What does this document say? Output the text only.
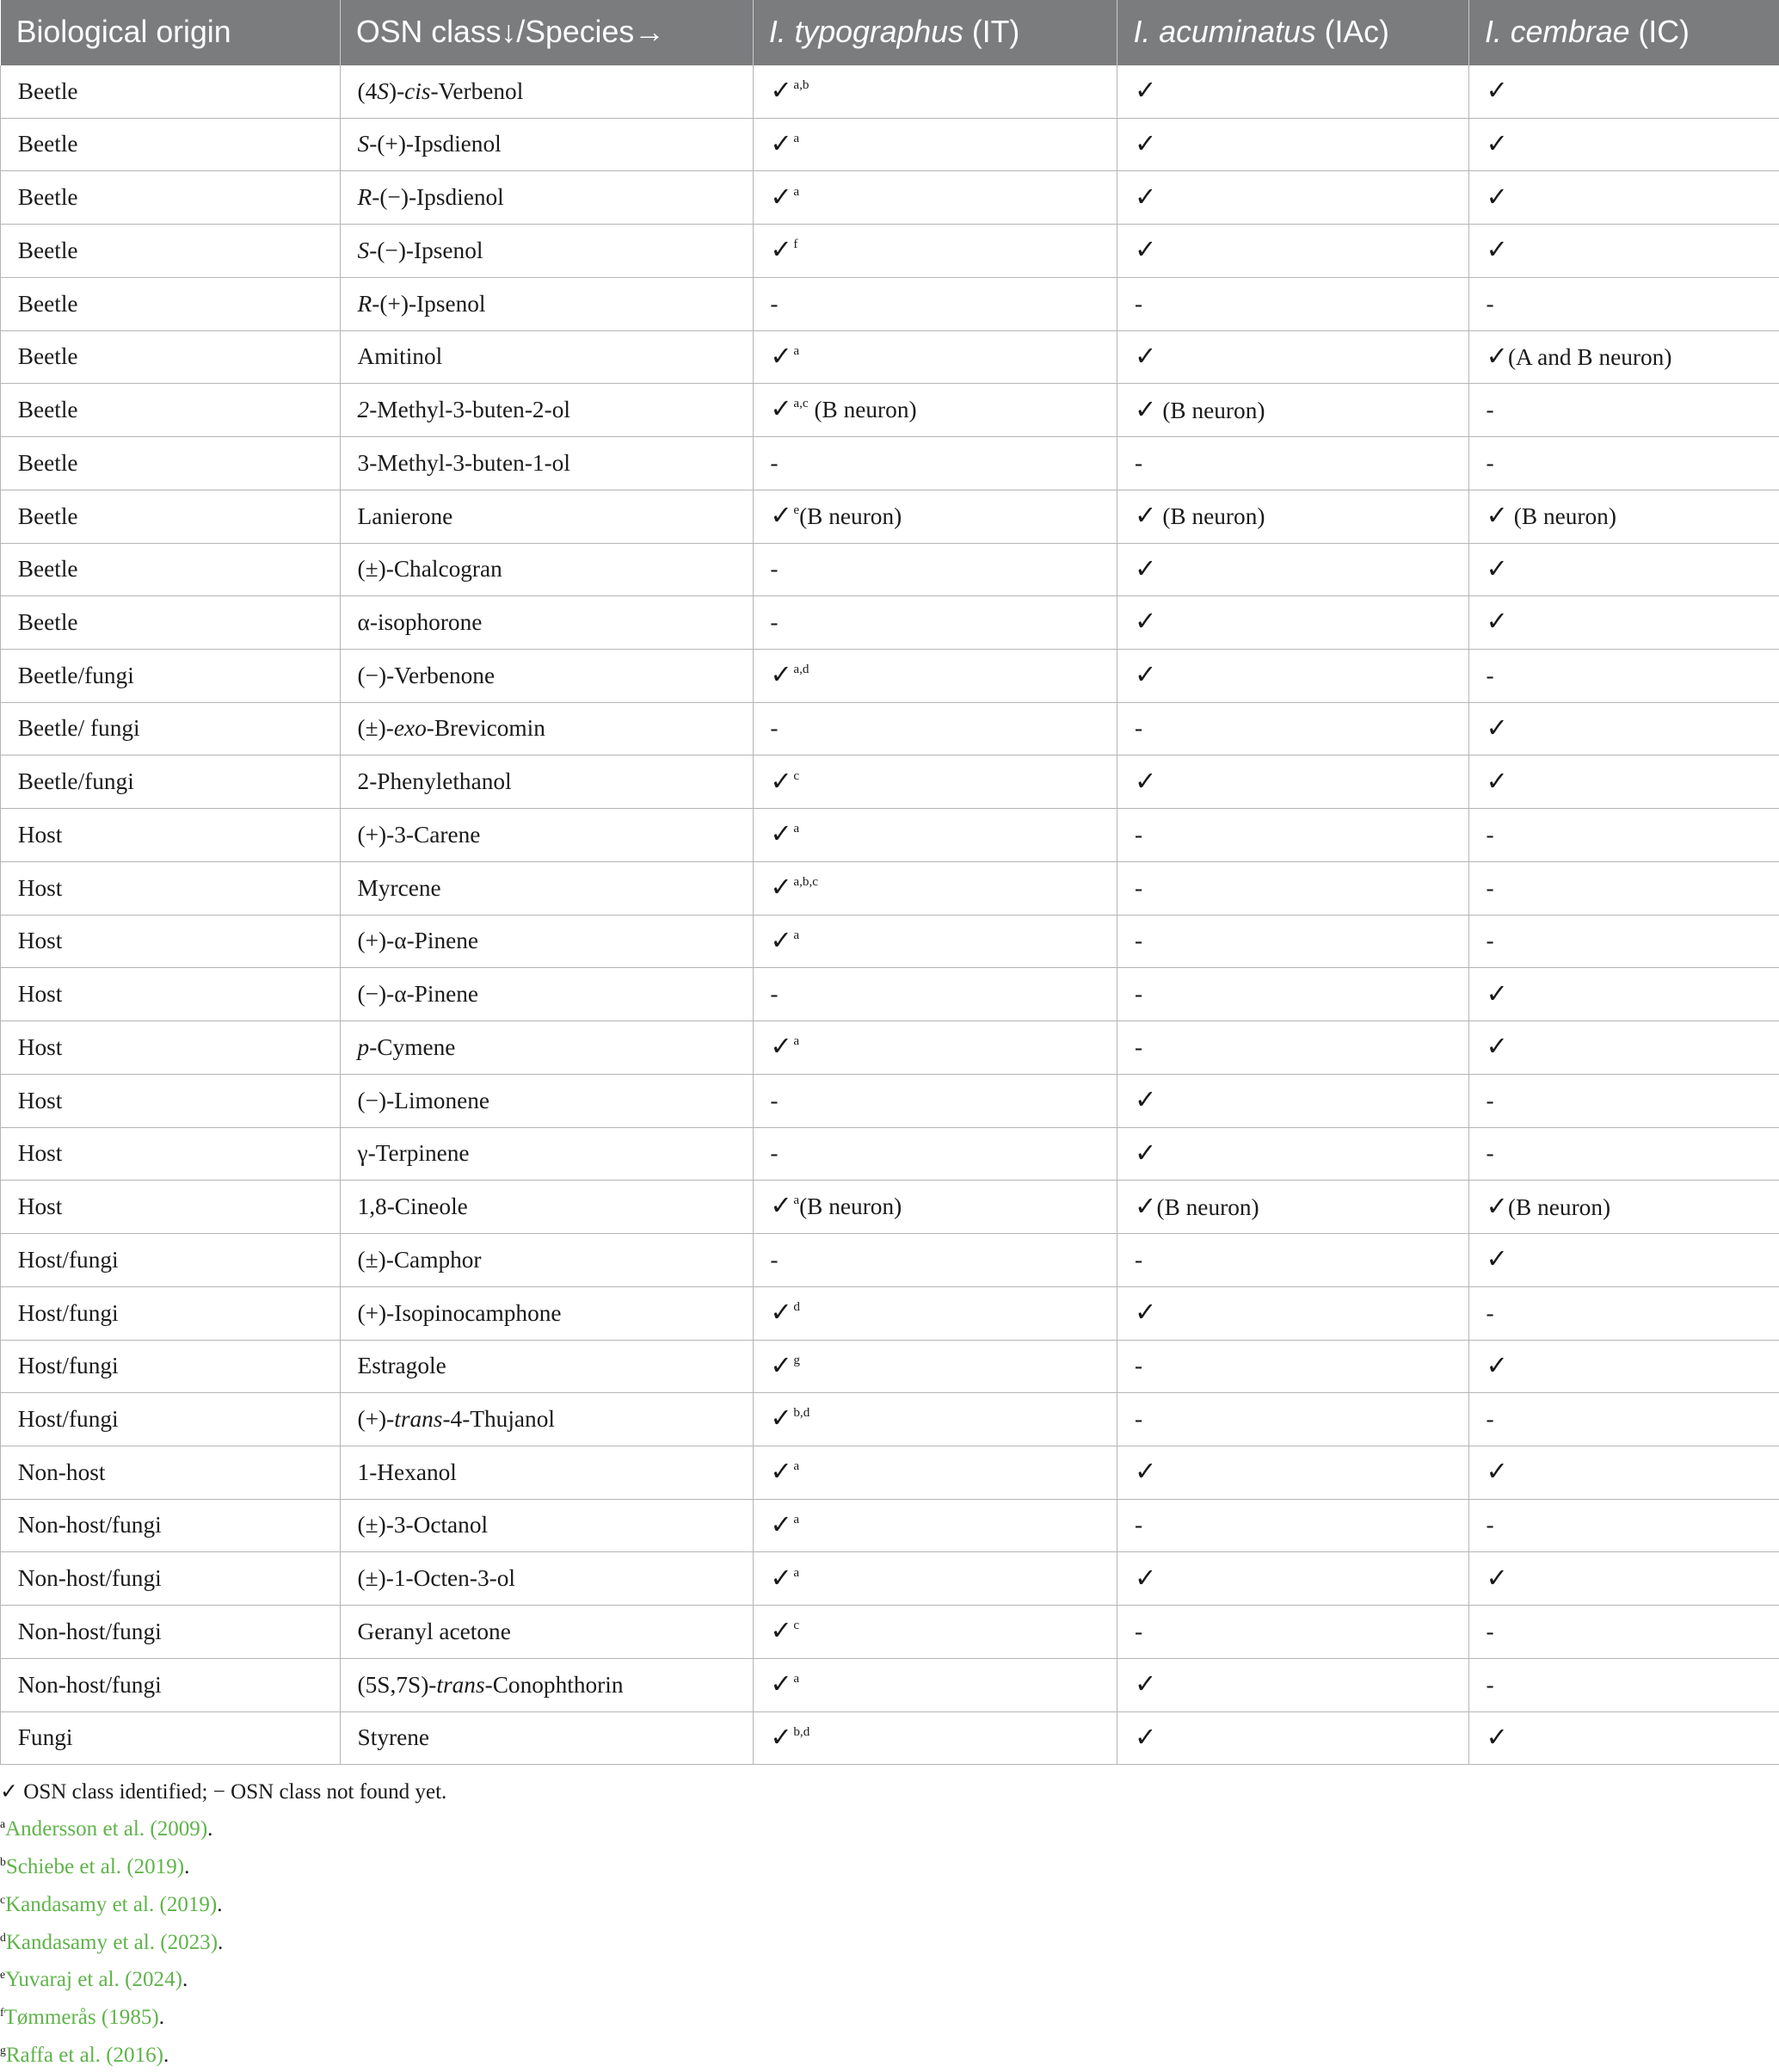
Biological origin	OSN class↓/Species→	I. typographus (IT)	I. acuminatus (IAc)	I. cembrae (IC)
Beetle	(4S)-cis-Verbenol	✓ $^{a,b}$	✓	✓
Beetle	S-(+)-Ipsdienol	✓ $^a$	✓	✓
Beetle	R-(−)-Ipsdienol	✓ $^a$	✓	✓
Beetle	S-(−)-Ipsenol	✓ $^f$	✓	✓
Beetle	R-(+)-Ipsenol	-	-	-
Beetle	Amitinol	✓ $^a$	✓	✓(A and B neuron)
Beetle	2-Methyl-3-buten-2-ol	✓ $^{a,c}$ (B neuron)	✓ (B neuron)	-
Beetle	3-Methyl-3-buten-1-ol	-	-	-
Beetle	Lanierone	✓ $^e$(B neuron)	✓ (B neuron)	✓ (B neuron)
Beetle	(±)-Chalcogran	-	✓	✓
Beetle	α-isophorone	-	✓	✓
Beetle/fungi	(−)-Verbenone	✓ $^{a,d}$	✓	-
Beetle/ fungi	(±)-exo-Brevicomin	-	-	✓
Beetle/fungi	2-Phenylethanol	✓ $^c$	✓	✓
Host	(+)-3-Carene	✓ $^a$	-	-
Host	Myrcene	✓ $^{a,b,c}$	-	-
Host	(+)-α-Pinene	✓ $^a$	-	-
Host	(−)-α-Pinene	-	-	✓
Host	p-Cymene	✓ $^a$	-	✓
Host	(−)-Limonene	-	✓	-
Host	γ-Terpinene	-	✓	-
Host	1,8-Cineole	✓ $^a$(B neuron)	✓(B neuron)	✓(B neuron)
Host/fungi	(±)-Camphor	-	-	✓
Host/fungi	(+)-Isopinocamphone	✓ $^d$	✓	-
Host/fungi	Estragole	✓ $^g$	-	✓
Host/fungi	(+)-trans-4-Thujanol	✓ $^{b,d}$	-	-
Non-host	1-Hexanol	✓ $^a$	✓	✓
Non-host/fungi	(±)-3-Octanol	✓ $^a$	-	-
Non-host/fungi	(±)-1-Octen-3-ol	✓ $^a$	✓	✓
Non-host/fungi	Geranyl acetone	✓ $^c$	-	-
Non-host/fungi	(5S,7S)-trans-Conophthorin	✓ $^a$	✓	-
Fungi	Styrene	✓ $^{b,d}$	✓	✓
✓ OSN class identified; − OSN class not found yet.
$^a$Andersson et al. (2009).
$^b$Schiebe et al. (2019).
$^c$Kandasamy et al. (2019).
$^d$Kandasamy et al. (2023).
$^e$Yuvaraj et al. (2024).
$^f$Tømmerås (1985).
$^g$Raffa et al. (2016).
